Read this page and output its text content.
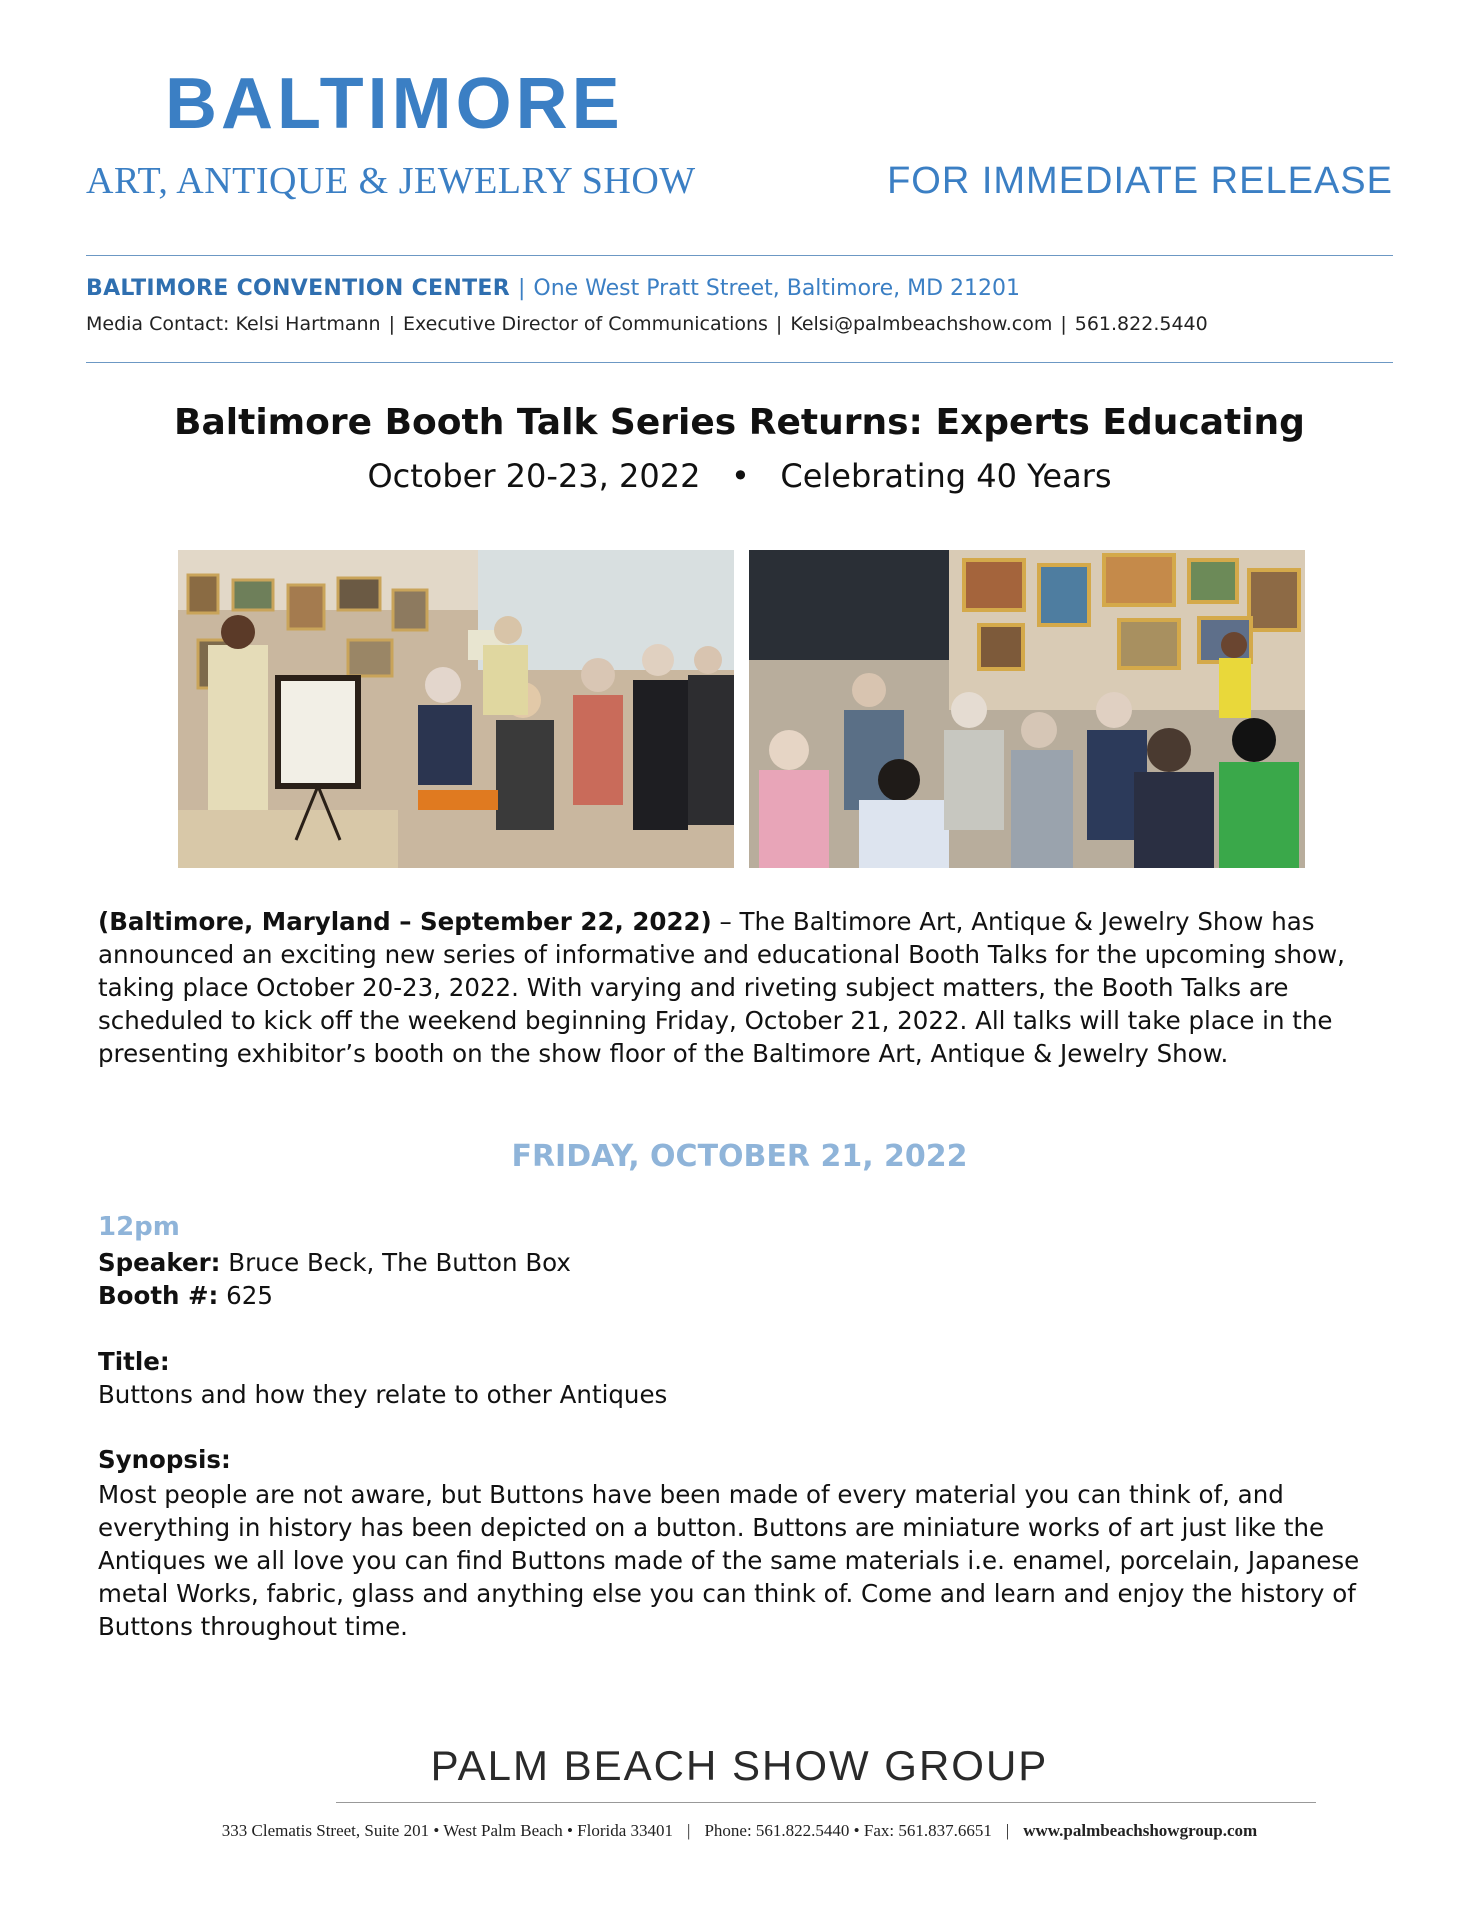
BALTIMORE
ART, ANTIQUE & JEWELRY SHOW	FOR IMMEDIATE RELEASE
BALTIMORE CONVENTION CENTER | One West Pratt Street, Baltimore, MD 21201
Media Contact: Kelsi Hartmann | Executive Director of Communications | Kelsi@palmbeachshow.com | 561.822.5440
Baltimore Booth Talk Series Returns: Experts Educating
October 20-23, 2022 • Celebrating 40 Years
(Baltimore, Maryland – September 22, 2022) – The Baltimore Art, Antique & Jewelry Show has announced an exciting new series of informative and educational Booth Talks for the upcoming show, taking place October 20-23, 2022. With varying and riveting subject matters, the Booth Talks are scheduled to kick off the weekend beginning Friday, October 21, 2022. All talks will take place in the presenting exhibitor’s booth on the show floor of the Baltimore Art, Antique & Jewelry Show.
FRIDAY, OCTOBER 21, 2022
12pm
Speaker: Bruce Beck, The Button Box
Booth #: 625
Title:
Buttons and how they relate to other Antiques
Synopsis:
Most people are not aware, but Buttons have been made of every material you can think of, and everything in history has been depicted on a button. Buttons are miniature works of art just like the Antiques we all love you can find Buttons made of the same materials i.e. enamel, porcelain, Japanese metal Works, fabric, glass and anything else you can think of. Come and learn and enjoy the history of Buttons throughout time.
PALM BEACH SHOW GROUP
333 Clematis Street, Suite 201 • West Palm Beach • Florida 33401 | Phone: 561.822.5440 • Fax: 561.837.6651 | www.palmbeachshowgroup.com
